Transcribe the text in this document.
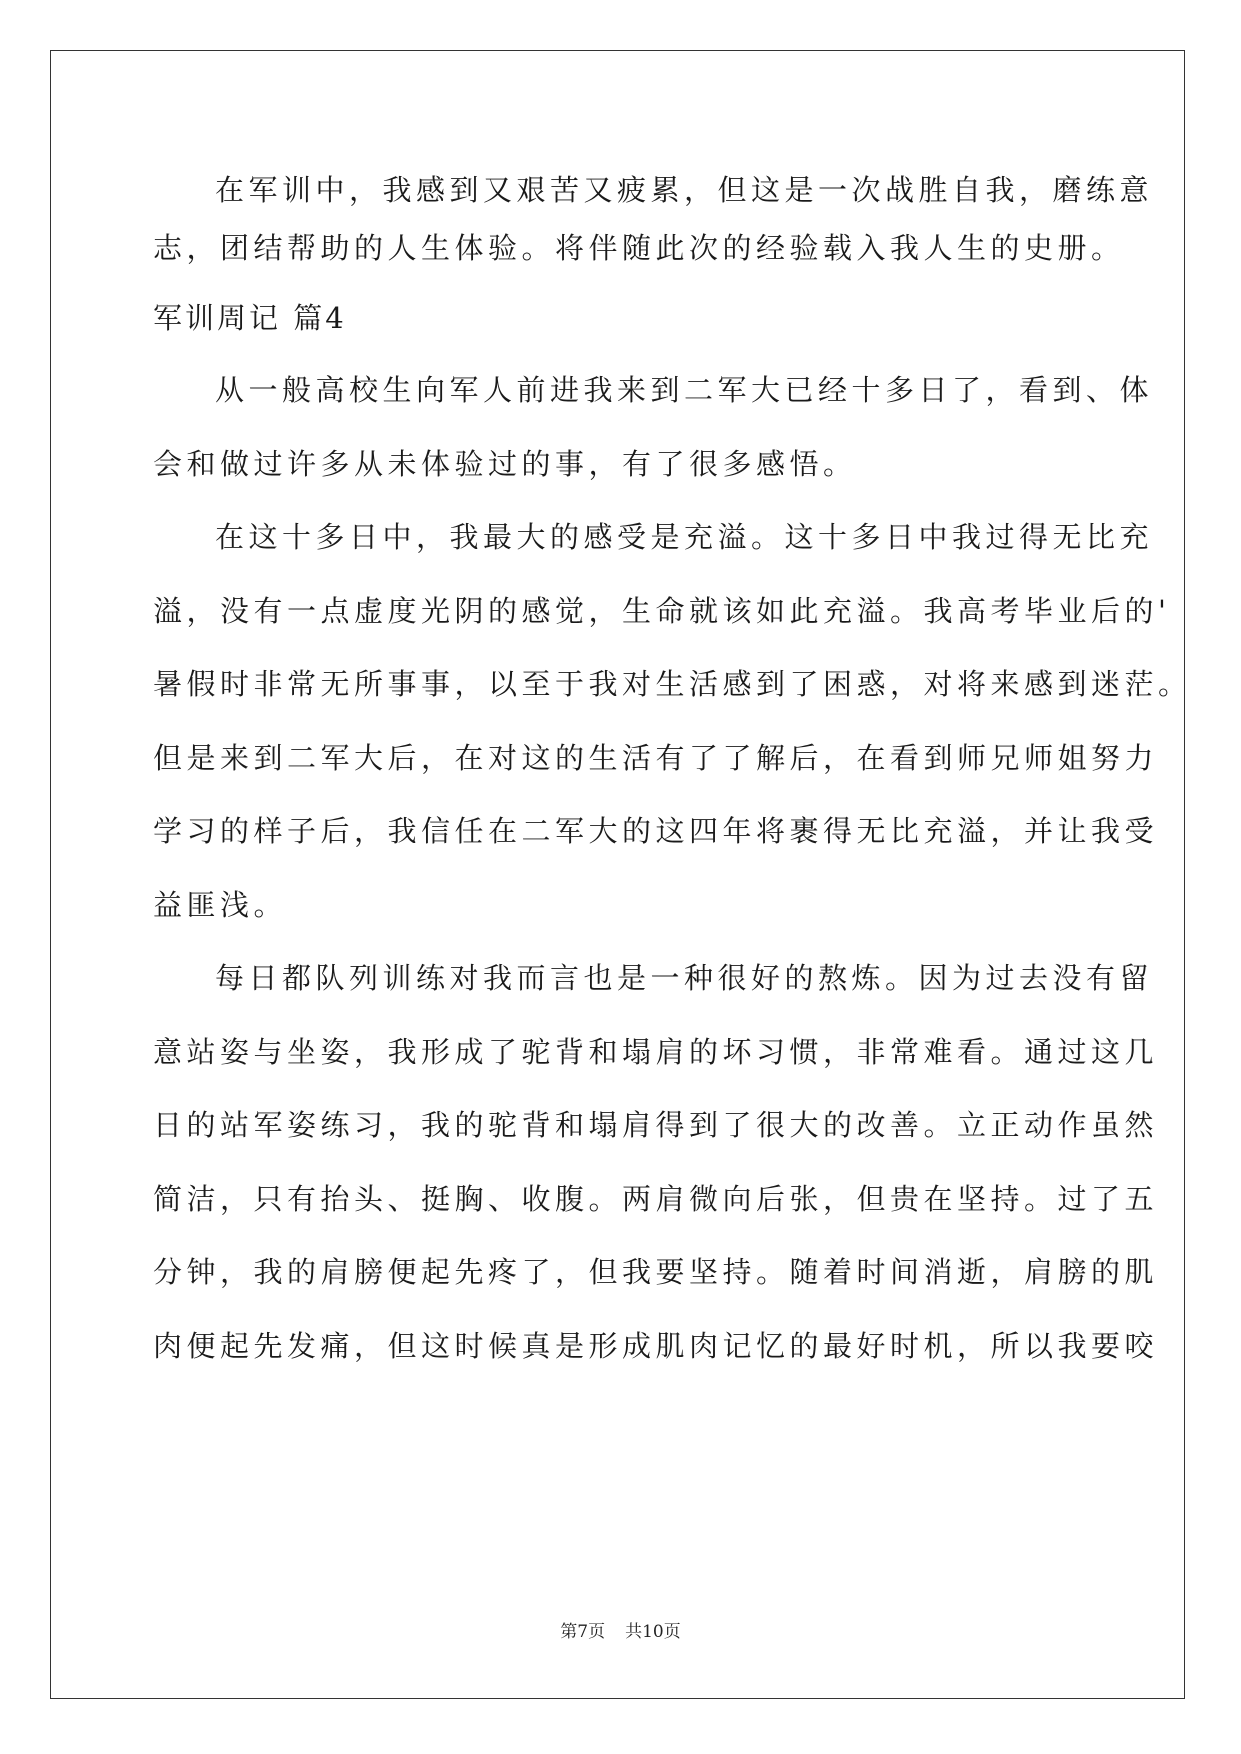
在军训中，我感到又艰苦又疲累，但这是一次战胜自我，磨练意
志，团结帮助的人生体验。将伴随此次的经验载入我人生的史册。
军训周记 篇4
从一般高校生向军人前进我来到二军大已经十多日了，看到、体
会和做过许多从未体验过的事，有了很多感悟。
在这十多日中，我最大的感受是充溢。这十多日中我过得无比充
溢，没有一点虚度光阴的感觉，生命就该如此充溢。我高考毕业后的'
暑假时非常无所事事，以至于我对生活感到了困惑，对将来感到迷茫。
但是来到二军大后，在对这的生活有了了解后，在看到师兄师姐努力
学习的样子后，我信任在二军大的这四年将裹得无比充溢，并让我受
益匪浅。
每日都队列训练对我而言也是一种很好的熬炼。因为过去没有留
意站姿与坐姿，我形成了驼背和塌肩的坏习惯，非常难看。通过这几
日的站军姿练习，我的驼背和塌肩得到了很大的改善。立正动作虽然
简洁，只有抬头、挺胸、收腹。两肩微向后张，但贵在坚持。过了五
分钟，我的肩膀便起先疼了，但我要坚持。随着时间消逝，肩膀的肌
肉便起先发痛，但这时候真是形成肌肉记忆的最好时机，所以我要咬
第7页 共10页
